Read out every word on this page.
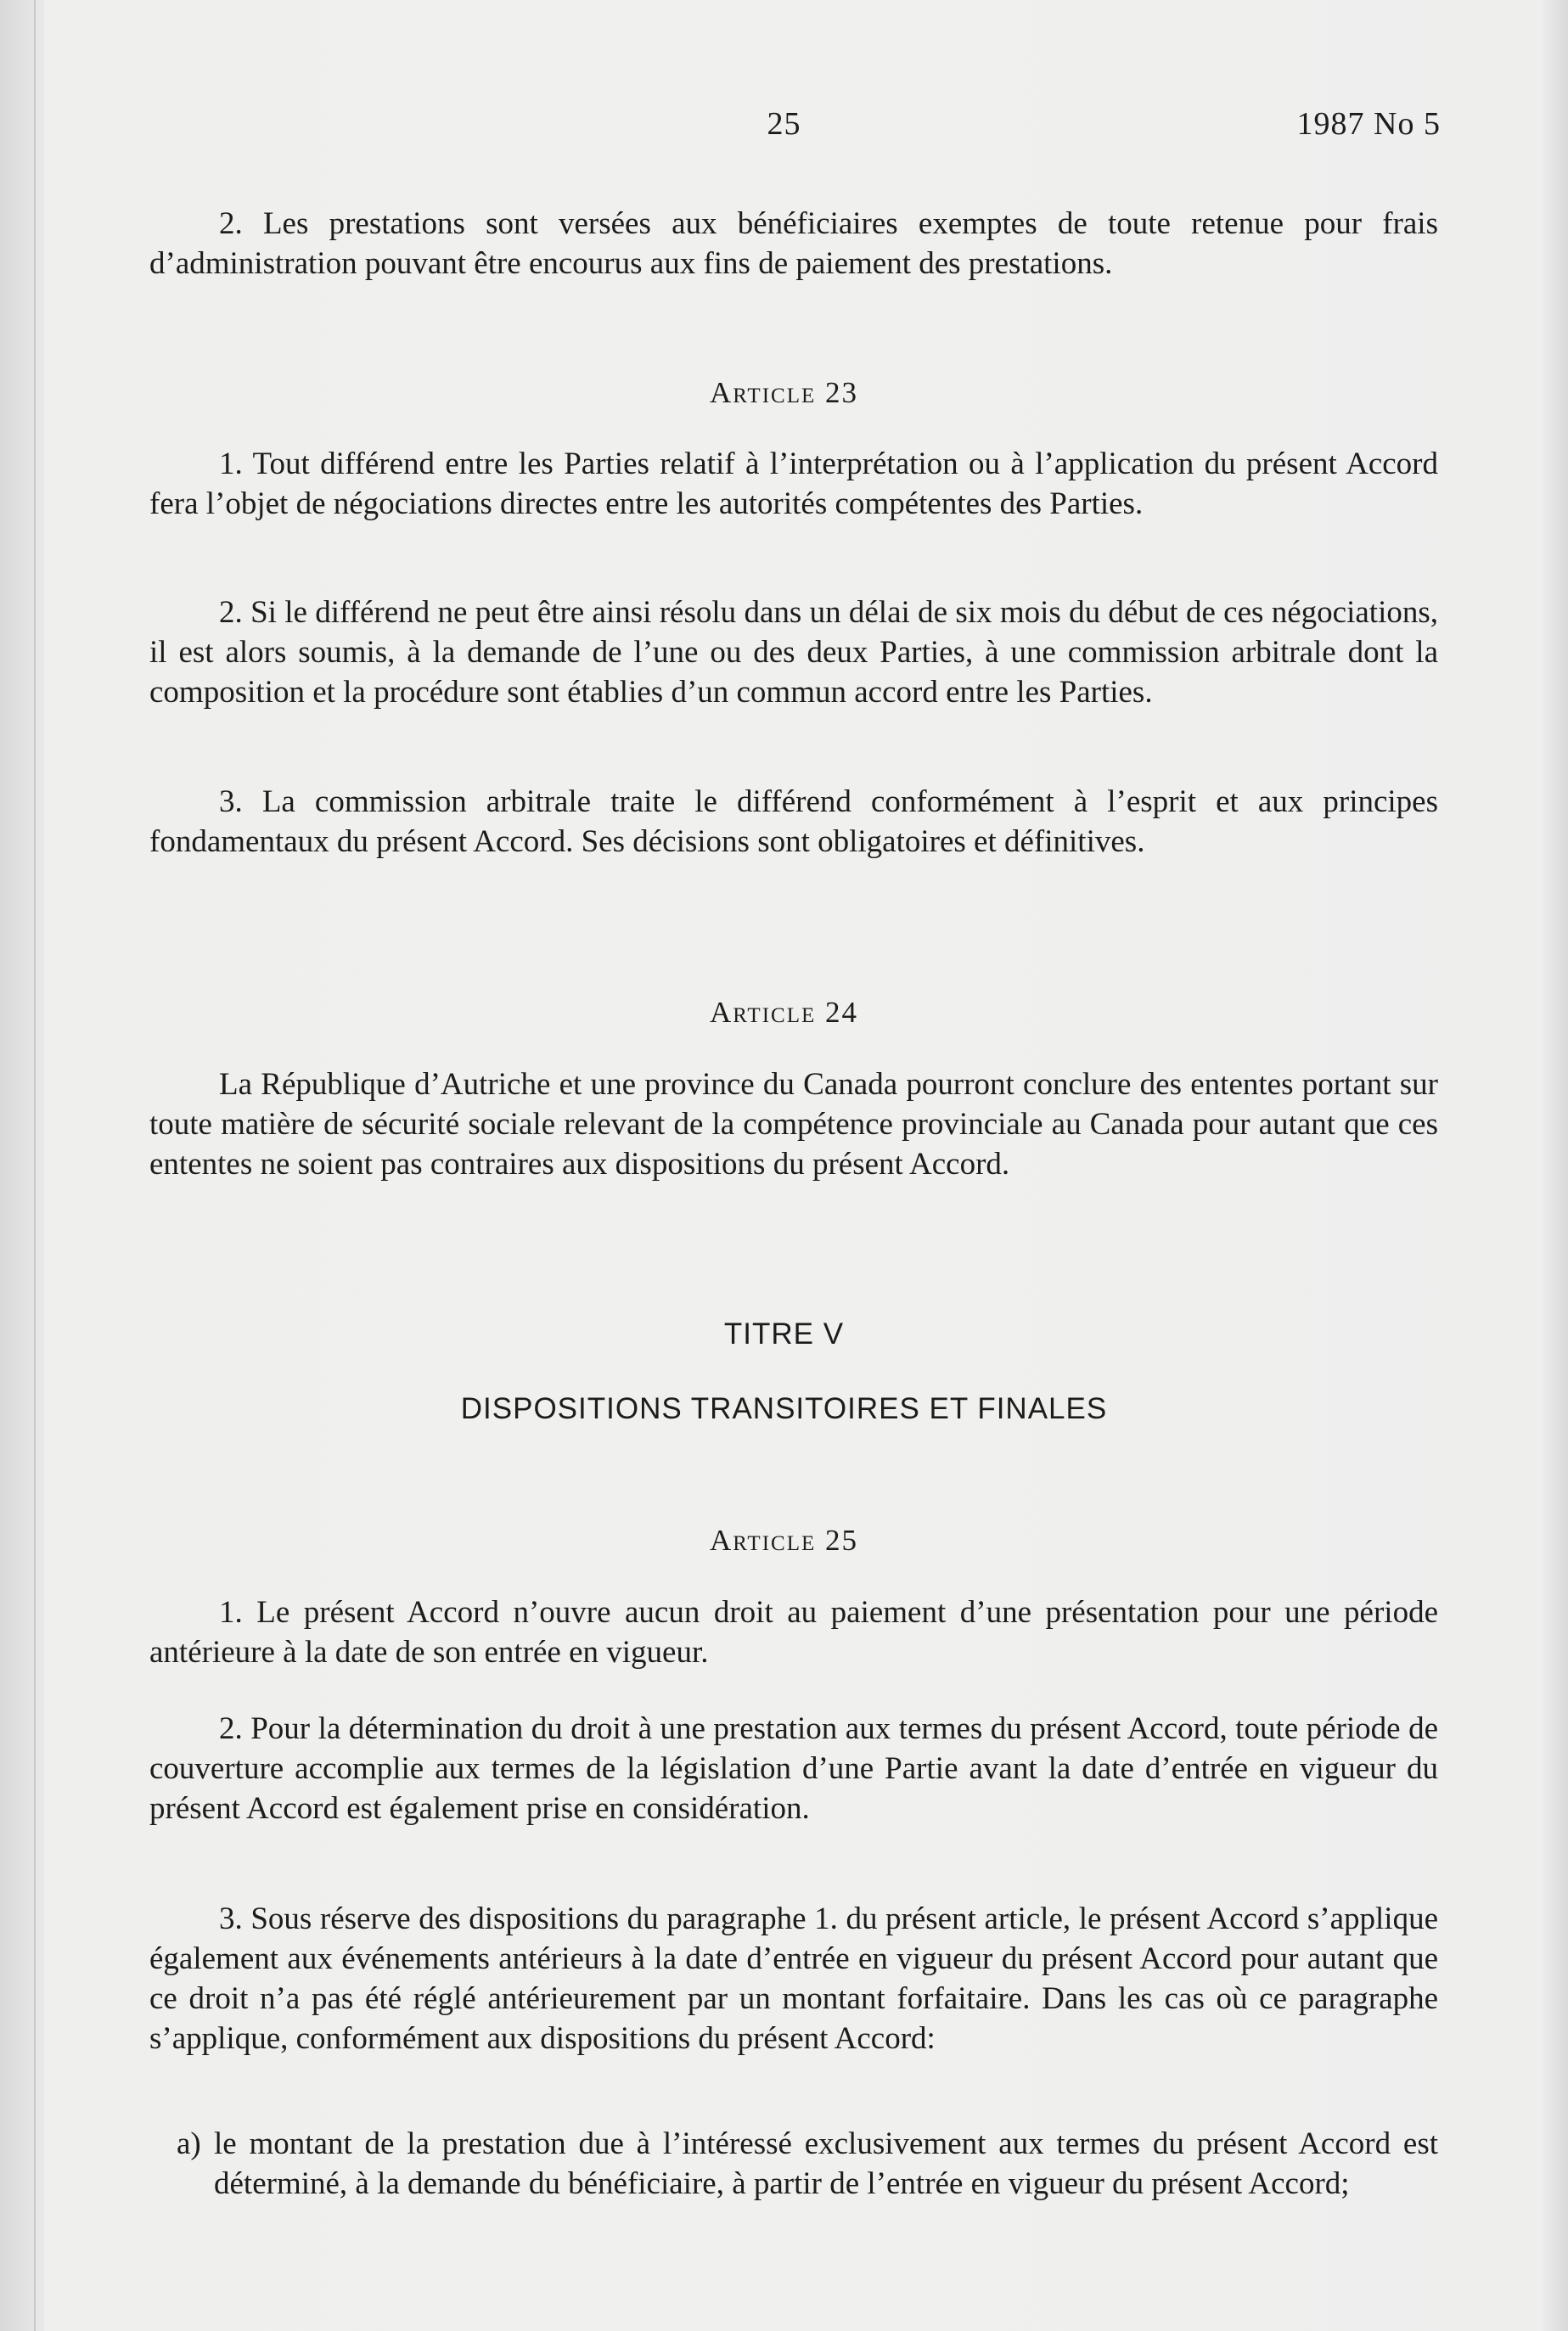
25	1987 No 5

2. Les prestations sont versées aux bénéficiaires exemptes de toute retenue pour frais d’administration pouvant être encourus aux fins de paiement des prestations.

Article 23

1. Tout différend entre les Parties relatif à l’interprétation ou à l’application du présent Accord fera l’objet de négociations directes entre les autorités compétentes des Parties.

2. Si le différend ne peut être ainsi résolu dans un délai de six mois du début de ces négociations, il est alors soumis, à la demande de l’une ou des deux Parties, à une commission arbitrale dont la composition et la procédure sont établies d’un commun accord entre les Parties.

3. La commission arbitrale traite le différend conformément à l’esprit et aux principes fondamentaux du présent Accord. Ses décisions sont obligatoires et définitives.

Article 24

La République d’Autriche et une province du Canada pourront conclure des ententes portant sur toute matière de sécurité sociale relevant de la compétence provinciale au Canada pour autant que ces ententes ne soient pas contraires aux dispositions du présent Accord.

TITRE V
DISPOSITIONS TRANSITOIRES ET FINALES
Article 25

1. Le présent Accord n’ouvre aucun droit au paiement d’une présentation pour une période antérieure à la date de son entrée en vigueur.

2. Pour la détermination du droit à une prestation aux termes du présent Accord, toute période de couverture accomplie aux termes de la législation d’une Partie avant la date d’entrée en vigueur du présent Accord est également prise en considération.

3. Sous réserve des dispositions du paragraphe 1. du présent article, le présent Accord s’applique également aux événements antérieurs à la date d’entrée en vigueur du présent Accord pour autant que ce droit n’a pas été réglé antérieurement par un montant forfaitaire. Dans les cas où ce paragraphe s’applique, conformément aux dispositions du présent Accord:

a) le montant de la prestation due à l’intéressé exclusivement aux termes du présent Accord est déterminé, à la demande du bénéficiaire, à partir de l’entrée en vigueur du présent Accord;
